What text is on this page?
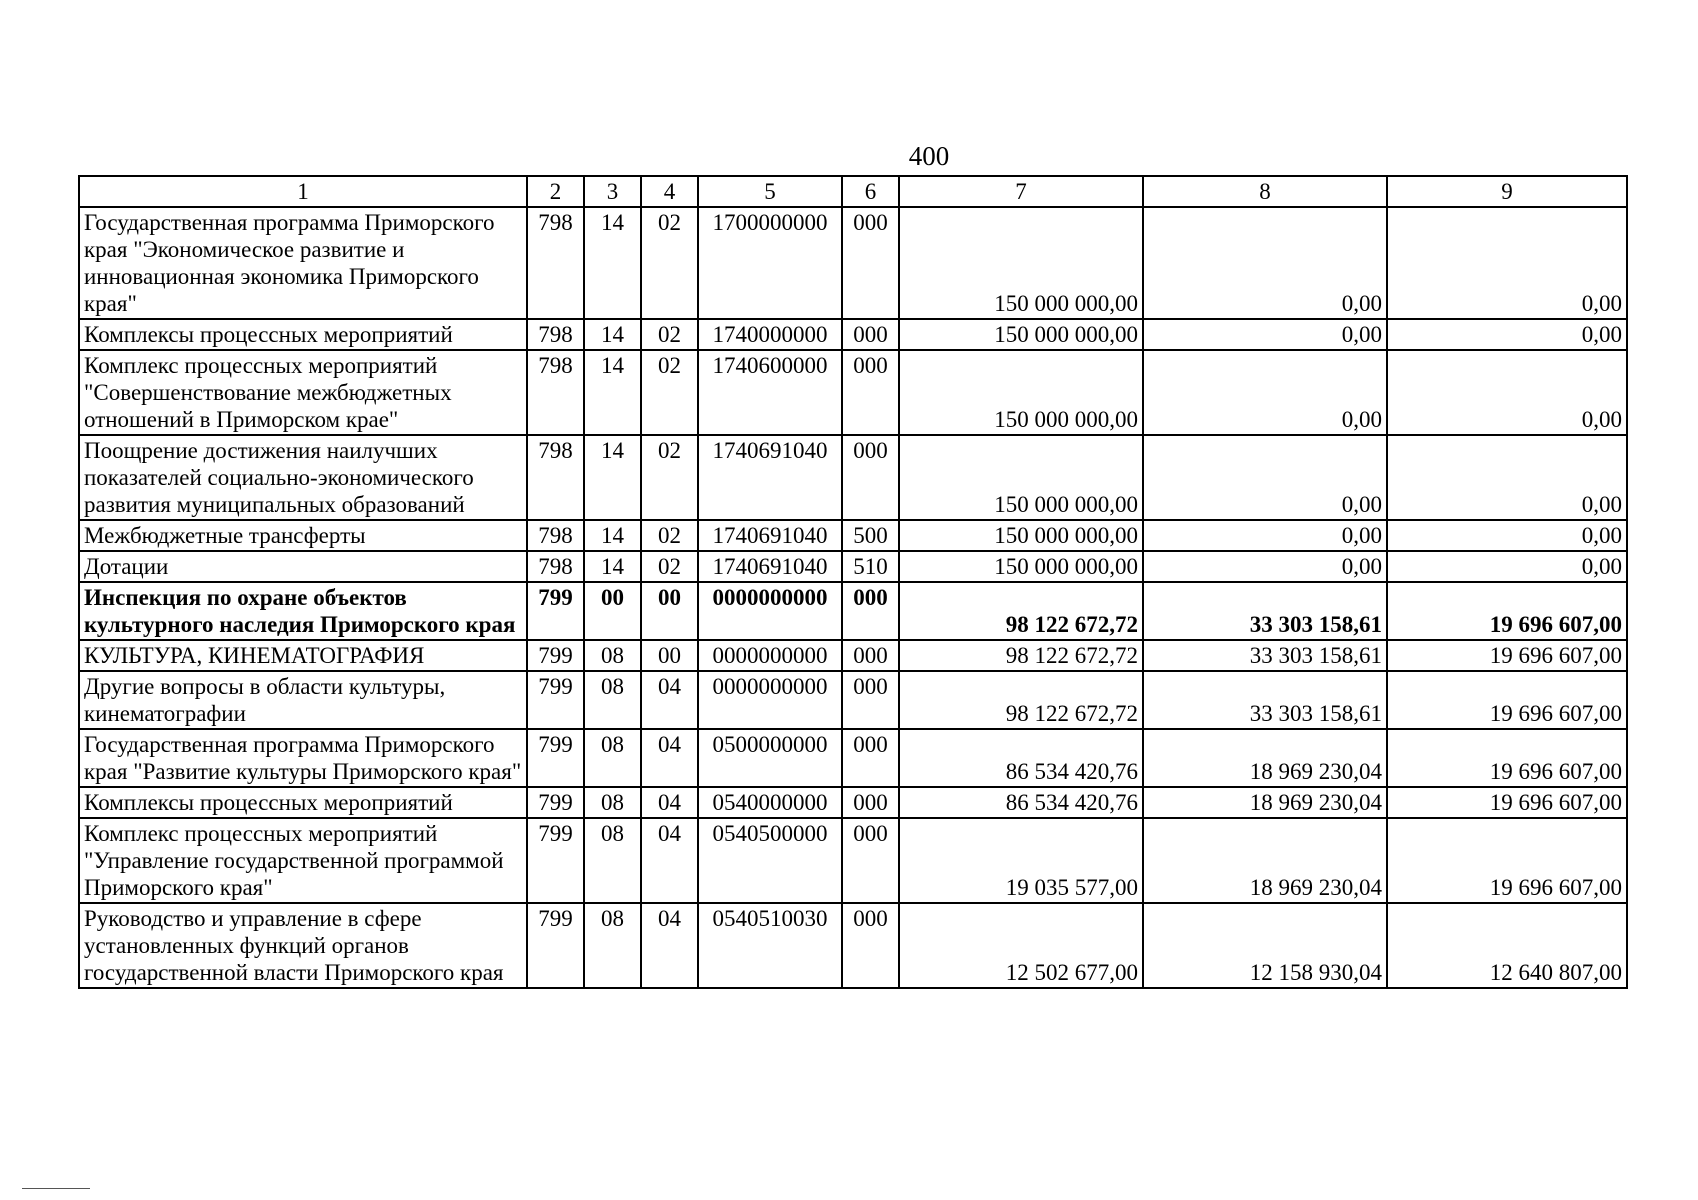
400
1	2	3	4	5	6	7	8	9
Государственная программа Приморского края "Экономическое развитие и инновационная экономика Приморского края"	798	14	02	1700000000	000	150 000 000,00	0,00	0,00
Комплексы процессных мероприятий	798	14	02	1740000000	000	150 000 000,00	0,00	0,00
Комплекс процессных мероприятий "Совершенствование межбюджетных отношений в Приморском крае"	798	14	02	1740600000	000	150 000 000,00	0,00	0,00
Поощрение достижения наилучших показателей социально-экономического развития муниципальных образований	798	14	02	1740691040	000	150 000 000,00	0,00	0,00
Межбюджетные трансферты	798	14	02	1740691040	500	150 000 000,00	0,00	0,00
Дотации	798	14	02	1740691040	510	150 000 000,00	0,00	0,00
Инспекция по охране объектов культурного наследия Приморского края	799	00	00	0000000000	000	98 122 672,72	33 303 158,61	19 696 607,00
КУЛЬТУРА, КИНЕМАТОГРАФИЯ	799	08	00	0000000000	000	98 122 672,72	33 303 158,61	19 696 607,00
Другие вопросы в области культуры, кинематографии	799	08	04	0000000000	000	98 122 672,72	33 303 158,61	19 696 607,00
Государственная программа Приморского края "Развитие культуры Приморского края"	799	08	04	0500000000	000	86 534 420,76	18 969 230,04	19 696 607,00
Комплексы процессных мероприятий	799	08	04	0540000000	000	86 534 420,76	18 969 230,04	19 696 607,00
Комплекс процессных мероприятий "Управление государственной программой Приморского края"	799	08	04	0540500000	000	19 035 577,00	18 969 230,04	19 696 607,00
Руководство и управление в сфере установленных функций органов государственной власти Приморского края	799	08	04	0540510030	000	12 502 677,00	12 158 930,04	12 640 807,00
